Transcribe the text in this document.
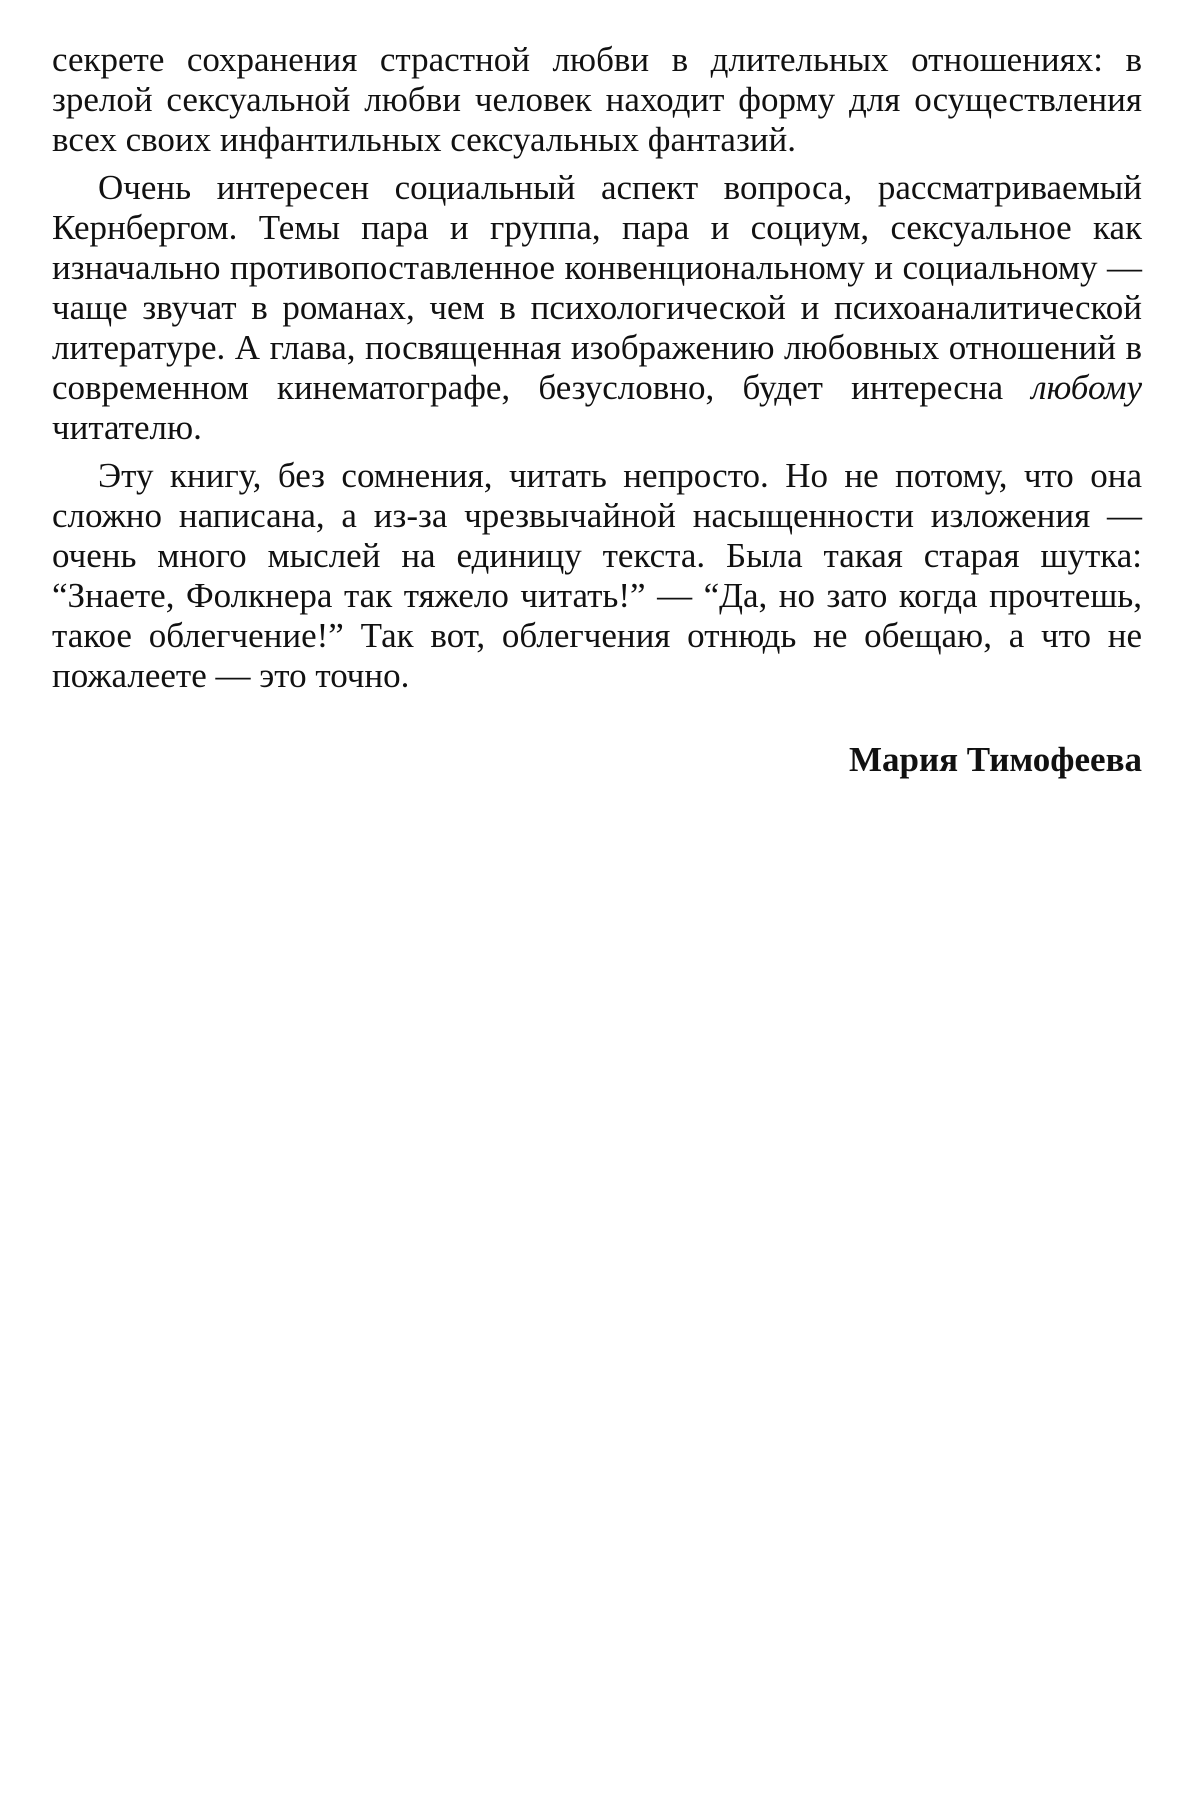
секрете сохранения страстной любви в длительных отношениях: в зрелой сексуальной любви человек находит форму для осуществления всех своих инфантильных сексуальных фантазий.

Очень интересен социальный аспект вопроса, рассматриваемый Кернбергом. Темы пара и группа, пара и социум, сексуальное как изначально противопоставленное конвенциональному и социальному — чаще звучат в романах, чем в психологической и психоаналитической литературе. А глава, посвященная изображению любовных отношений в современном кинематографе, безусловно, будет интересна любому читателю.

Эту книгу, без сомнения, читать непросто. Но не потому, что она сложно написана, а из-за чрезвычайной насыщенности изложения — очень много мыслей на единицу текста. Была такая старая шутка: “Знаете, Фолкнера так тяжело читать!” — “Да, но зато когда прочтешь, такое облегчение!” Так вот, облегчения отнюдь не обещаю, а что не пожалеете — это точно.

Мария Тимофеева
